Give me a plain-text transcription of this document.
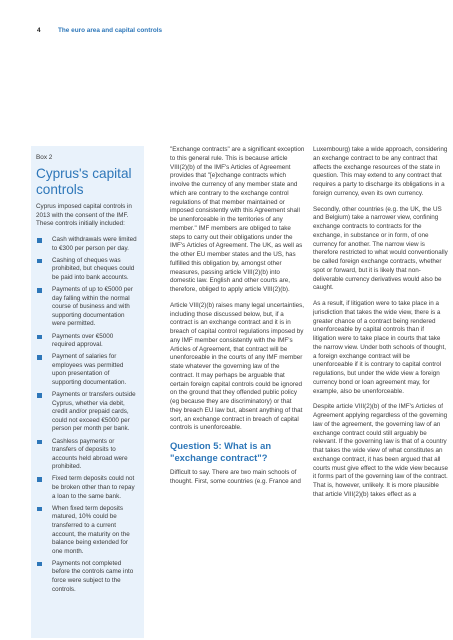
4	The euro area and capital controls
Box 2
Cyprus's capital controls

Cyprus imposed capital controls in 2013 with the consent of the IMF. These controls initially included:

Cash withdrawals were limited to €300 per person per day.
Cashing of cheques was prohibited, but cheques could be paid into bank accounts.
Payments of up to €5000 per day falling within the normal course of business and with supporting documentation were permitted.
Payments over €5000 required approval.
Payment of salaries for employees was permitted upon presentation of supporting documentation.
Payments or transfers outside Cyprus, whether via debit, credit and/or prepaid cards, could not exceed €5000 per person per month per bank.
Cashless payments or transfers of deposits to accounts held abroad were prohibited.
Fixed term deposits could not be broken other than to repay a loan to the same bank.
When fixed term deposits matured, 10% could be transferred to a current account, the maturity on the balance being extended for one month.
Payments not completed before the controls came into force were subject to the controls.

"Exchange contracts" are a significant exception to this general rule. This is because article VIII(2)(b) of the IMF's Articles of Agreement provides that "[e]xchange contracts which involve the currency of any member state and which are contrary to the exchange control regulations of that member maintained or imposed consistently with this Agreement shall be unenforceable in the territories of any member." IMF members are obliged to take steps to carry out their obligations under the IMF's Articles of Agreement. The UK, as well as the other EU member states and the US, has fulfilled this obligation by, amongst other measures, passing article VIII(2)(b) into domestic law. English and other courts are, therefore, obliged to apply article VIII(2)(b).

Article VIII(2)(b) raises many legal uncertainties, including those discussed below, but, if a contract is an exchange contract and it is in breach of capital control regulations imposed by any IMF member consistently with the IMF's Articles of Agreement, that contract will be unenforceable in the courts of any IMF member state whatever the governing law of the contract. It may perhaps be arguable that certain foreign capital controls could be ignored on the ground that they offended public policy (eg because they are discriminatory) or that they breach EU law but, absent anything of that sort, an exchange contract in breach of capital controls is unenforceable.

Question 5: What is an "exchange contract"?

Difficult to say. There are two main schools of thought. First, some countries (e.g. France and

Luxembourg) take a wide approach, considering an exchange contract to be any contract that affects the exchange resources of the state in question. This may extend to any contract that requires a party to discharge its obligations in a foreign currency, even its own currency.

Secondly, other countries (e.g. the UK, the US and Belgium) take a narrower view, confining exchange contracts to contracts for the exchange, in substance or in form, of one currency for another. The narrow view is therefore restricted to what would conventionally be called foreign exchange contracts, whether spot or forward, but it is likely that non-deliverable currency derivatives would also be caught.

As a result, if litigation were to take place in a jurisdiction that takes the wide view, there is a greater chance of a contract being rendered unenforceable by capital controls than if litigation were to take place in courts that take the narrow view. Under both schools of thought, a foreign exchange contract will be unenforceable if it is contrary to capital control regulations, but under the wide view a foreign currency bond or loan agreement may, for example, also be unenforceable.

Despite article VIII(2)(b) of the IMF's Articles of Agreement applying regardless of the governing law of the agreement, the governing law of an exchange contract could still arguably be relevant. If the governing law is that of a country that takes the wide view of what constitutes an exchange contract, it has been argued that all courts must give effect to the wide view because it forms part of the governing law of the contract. That is, however, unlikely. It is more plausible that article VIII(2)(b) takes effect as a
